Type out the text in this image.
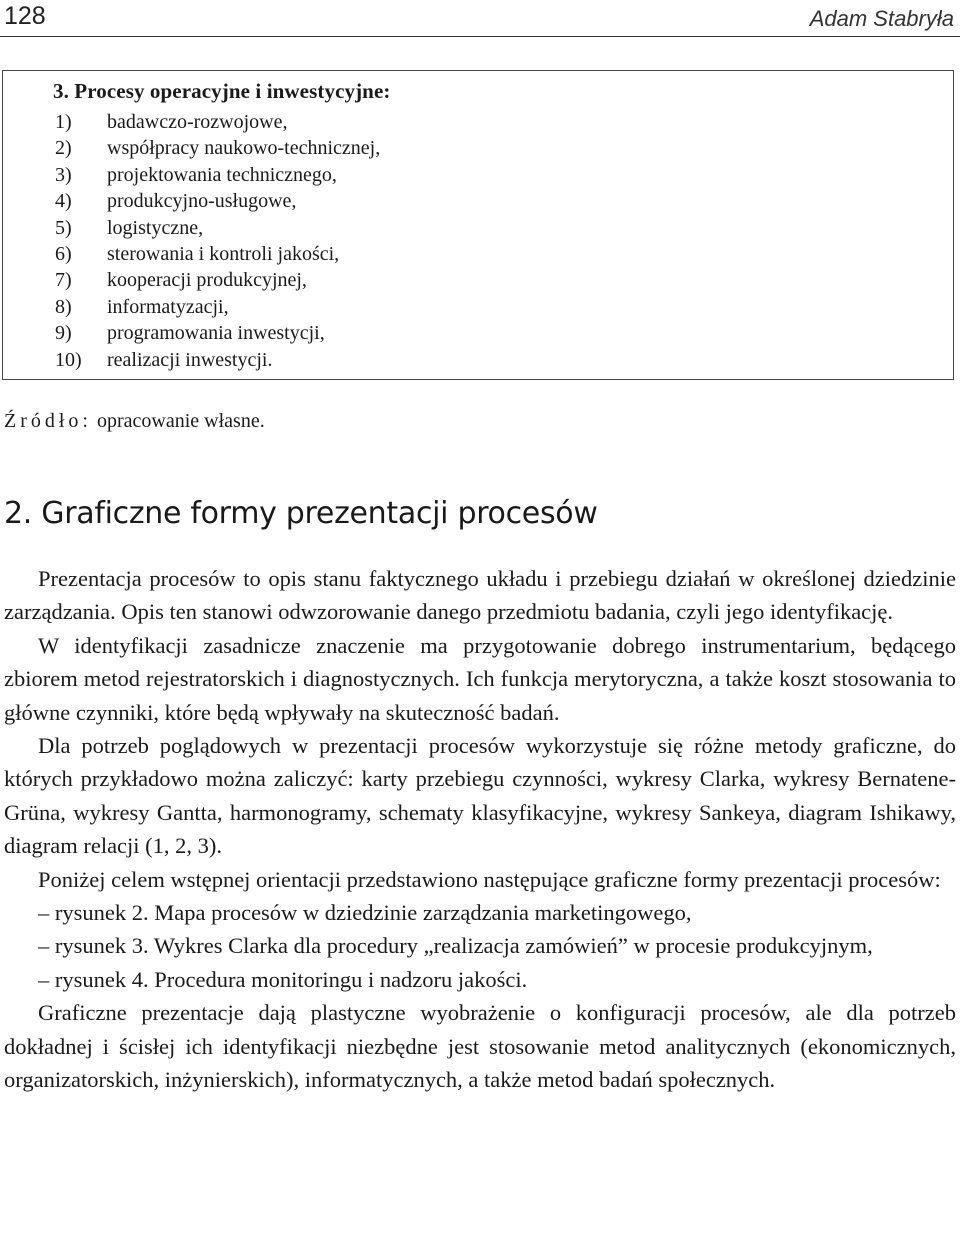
128	Adam Stabryła
3. Procesy operacyjne i inwestycyjne:
1) badawczo-rozwojowe,
2) współpracy naukowo-technicznej,
3) projektowania technicznego,
4) produkcyjno-usługowe,
5) logistyczne,
6) sterowania i kontroli jakości,
7) kooperacji produkcyjnej,
8) informatyzacji,
9) programowania inwestycji,
10) realizacji inwestycji.
Źródło: opracowanie własne.
2. Graficzne formy prezentacji procesów

Prezentacja procesów to opis stanu faktycznego układu i przebiegu działań w określonej dziedzinie zarządzania. Opis ten stanowi odwzorowanie danego przedmiotu badania, czyli jego identyfikację.

W identyfikacji zasadnicze znaczenie ma przygotowanie dobrego instrumentarium, będącego zbiorem metod rejestratorskich i diagnostycznych. Ich funkcja merytoryczna, a także koszt stosowania to główne czynniki, które będą wpływały na skuteczność badań.

Dla potrzeb poglądowych w prezentacji procesów wykorzystuje się różne metody graficzne, do których przykładowo można zaliczyć: karty przebiegu czynności, wykresy Clarka, wykresy Bernatene-Grüna, wykresy Gantta, harmonogramy, schematy klasyfikacyjne, wykresy Sankeya, diagram Ishikawy, diagram relacji (1, 2, 3).

Poniżej celem wstępnej orientacji przedstawiono następujące graficzne formy prezentacji procesów:

– rysunek 2. Mapa procesów w dziedzinie zarządzania marketingowego,

– rysunek 3. Wykres Clarka dla procedury „realizacja zamówień” w procesie produkcyjnym,

– rysunek 4. Procedura monitoringu i nadzoru jakości.

Graficzne prezentacje dają plastyczne wyobrażenie o konfiguracji procesów, ale dla potrzeb dokładnej i ścisłej ich identyfikacji niezbędne jest stosowanie metod analitycznych (ekonomicznych, organizatorskich, inżynierskich), informatycznych, a także metod badań społecznych.
